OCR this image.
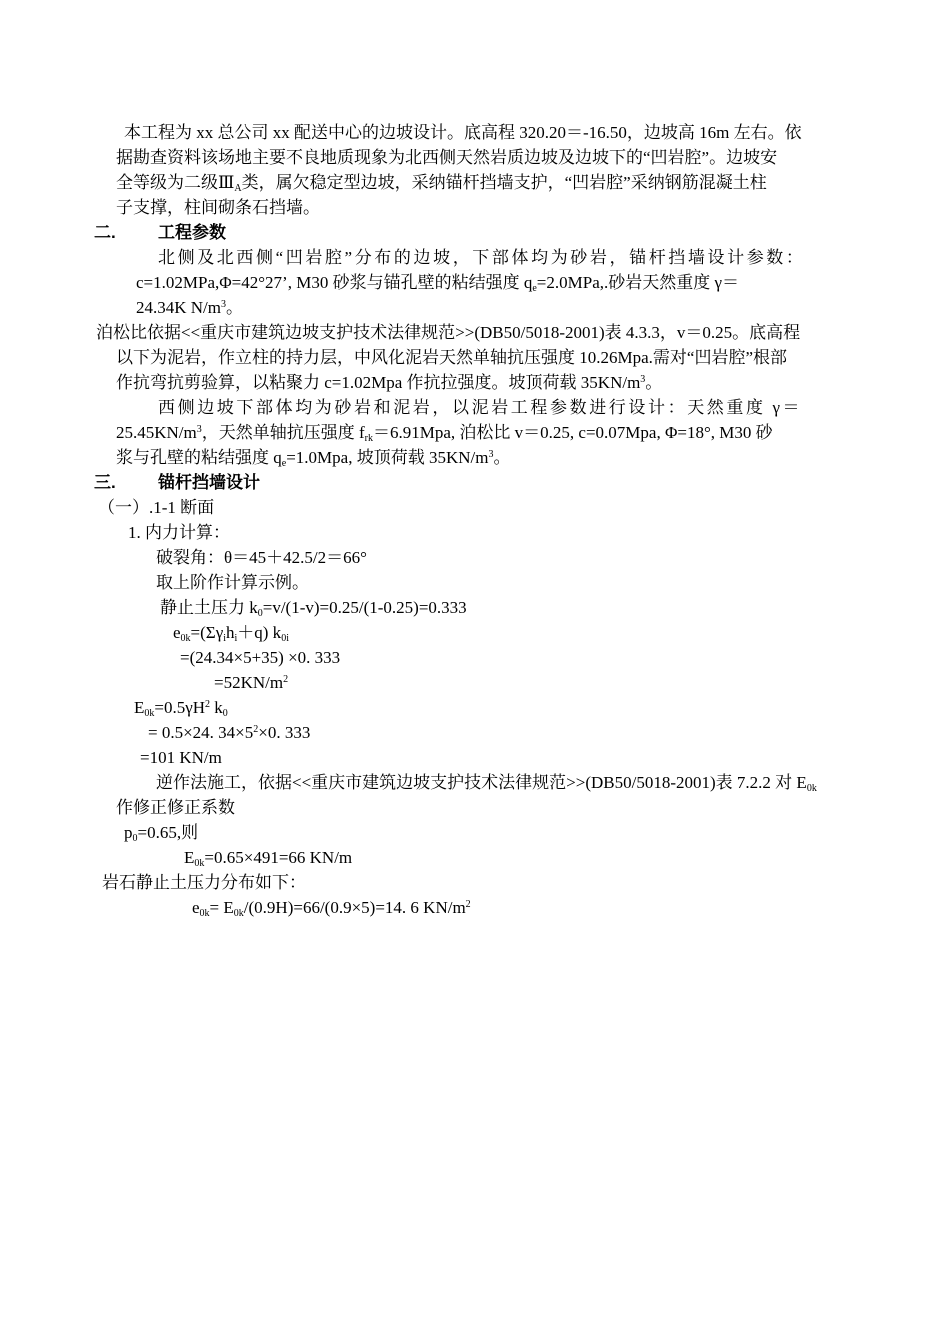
本工程为 xx 总公司 xx 配送中心的边坡设计。底高程 320.20＝-16.50，边坡高 16m 左右。依
据勘查资料该场地主要不良地质现象为北西侧天然岩质边坡及边坡下的“凹岩腔”。边坡安
全等级为二级$Ⅲ_A$类，属欠稳定型边坡，采纳锚杆挡墙支护，“凹岩腔”采纳钢筋混凝土柱
子支撑，柱间砌条石挡墙。
二. 工程参数
北侧及北西侧“凹岩腔”分布的边坡，下部体均为砂岩，锚杆挡墙设计参数：
c=1.02MPa,Φ=42°27’, M30 砂浆与锚孔壁的粘结强度 $q_e=2.0MPa$,.砂岩天然重度 γ＝
24.34K $N/m^3$。
泊松比依据<<重庆市建筑边坡支护技术法律规范>>(DB50/5018-2001)表 4.3.3，v＝0.25。底高程
以下为泥岩，作立柱的持力层，中风化泥岩天然单轴抗压强度 10.26Mpa.需对“凹岩腔”根部
作抗弯抗剪验算，以粘聚力 c=1.02Mpa 作抗拉强度。坡顶荷载 $35KN/m^3$。
西侧边坡下部体均为砂岩和泥岩，以泥岩工程参数进行设计：天然重度 γ＝
$25.45KN/m^3$，天然单轴抗压强度 $f_{rk}=6.91Mpa$, 泊松比 v＝0.25, c=0.07Mpa, Φ=18°, M30 砂
浆与孔壁的粘结强度 $q_e=1.0Mpa$, 坡顶荷载 $35KN/m^3$。
三. 锚杆挡墙设计
（一）.1-1 断面
1. 内力计算：
破裂角：θ＝45＋42.5/2＝66°
取上阶作计算示例。
静止土压力 $k_0=v/(1-v)=0.25/(1-0.25)=0.333$
$e_{0k}=(\Sigma\gamma_ih_i+q)$ $k_{0i}$
=(24.34×5+35) ×0. 333
$=52KN/m^2$
$E_{0k}=0.5\gamma H^2$ $k_0$
= 0.5×24. $34\times 5^2\times 0$. 333
=101 KN/m
逆作法施工，依据<<重庆市建筑边坡支护技术法律规范>>(DB50/5018-2001)表 7.2.2 对 $E_{0k}$
作修正修正系数
$p_0=0.65$,则
$E_{0k}=0.65\times 491=66$ KN/m
岩石静止土压力分布如下：
$e_{0k}= E_{0k}/(0.9H)=66/(0.9\times 5)=14$. 6 $KN/m^2$
